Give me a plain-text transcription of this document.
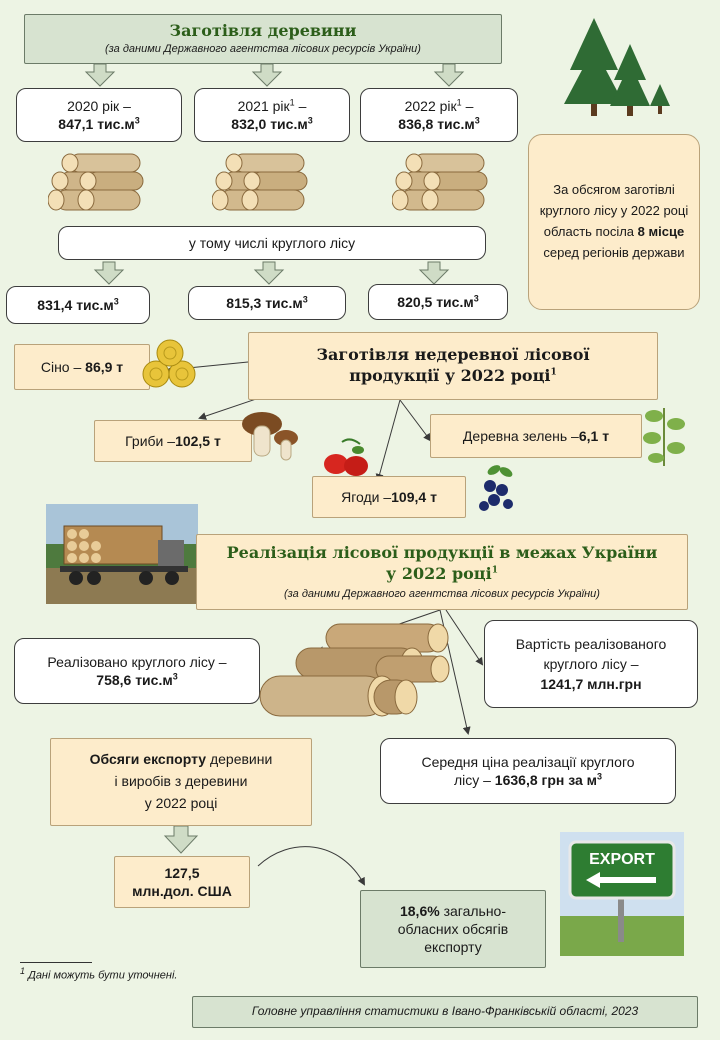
Заготівля деревини
(за даними Державного агентства лісових ресурсів України)
2020 рік –
847,1 $тис.м^3$
2021 рік$^1$ –
832,0 $тис.м^3$
2022 рік$^1$ –
836,8 $тис.м^3$
у тому числі круглого лісу
831,4 $тис.м^3$	815,3 $тис.м^3$	820,5 $тис.м^3$
За обсягом заготівлі круглого лісу у 2022 році область посіла 8 місце серед регіонів держави
Сіно –
86,9 т
Заготівля недеревної лісової
продукції у 2022 році$^1$
Гриби – 102,5 т
Ягоди – 109,4 т
Деревна зелень – 6,1 т
Реалізація лісової продукції в межах України
у 2022 році$^1$
(за даними Державного агентства лісових ресурсів України)
Реалізовано круглого лісу –
758,6 $тис.м^3$
Вартість реалізованого
круглого лісу –
1241,7 млн.грн
Середня ціна реалізації круглого
лісу – 1636,8 грн за $м^3$
Обсяги експорту деревини
і виробів з деревини
у 2022 році
127,5
млн.дол. США
18,6% загально-обласних обсягів експорту
EXPORT
$^1$ Дані можуть бути уточнені.
Головне управління статистики в Івано-Франківській області, 2023
